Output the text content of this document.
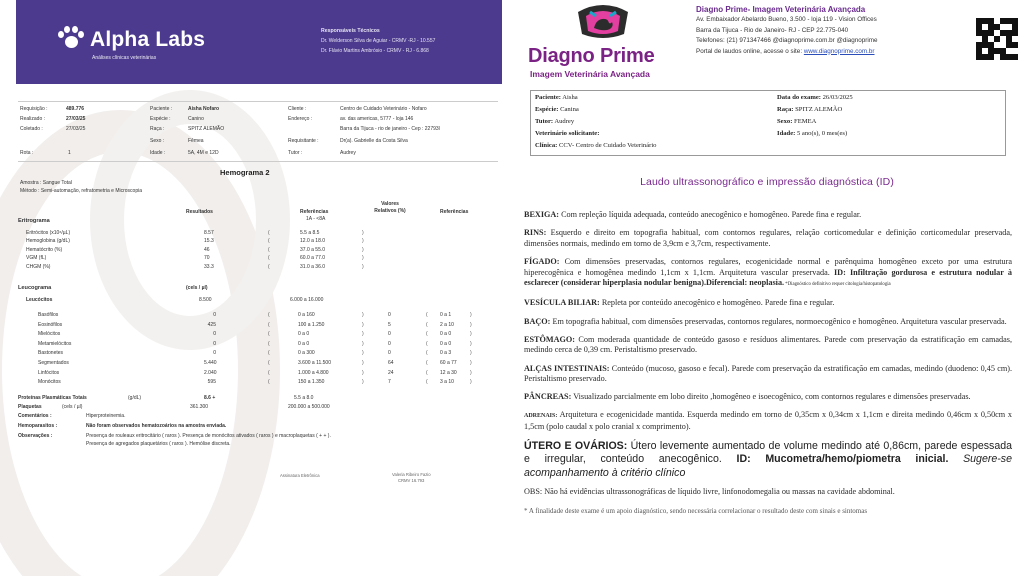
Alpha Labs
Análises clínicas veterinárias
Responsáveis Técnicos
Dr. Welderson Silva de Aguiar - CRMV -RJ - 10.557
Dr. Flávio Martins Ambrósio - CRMV - RJ - 6.868
Requisição :	489.776
Realizado :	27/03/25
Coletado :	27/03/25
Rota :	1
Paciente :	Aisha Nofaro
Espécie :	Canino
Raça :	SPITZ ALEMÃO
Sexo :	Fêmea
Idade :	5A, 4M e 12D
Cliente :	Centro de Cuidado Veterinário - Nofaro
Endereço :	av. das americas, 5777 - loja 146
Barra da Tijuca - rio de janeiro - Cep : 22793l
Requisitante :	Dr(a). Gabrielle da Costa Silva
Tutor :	Audrey
Hemograma 2
Amostra : Sangue Total
Método : Semi-automação, refratometria e Microscopia
Resultados	Referências
1A - <8A
Valores Relativos (%)	Referências
Eritrograma
Eritrócitos (x10⁶/µL)	8.57	(	5.5 a 8.5	)
Hemoglobina (g/dL)	15.3	(	12.0 a 18.0	)
Hematócrito (%)	46	(	37.0 a 55.0	)
VGM (fL)	70	(	60.0 a 77.0	)
CHGM (%)	33.3	(	31.0 a 36.0	)
Leucograma	(cels / µl)
Leucócitos	8.500	6.000 a 16.000
Basófilos	0	(	0 a 160	)	0	( 0 a 1	)
Eosinófilos	425	(	100 a 1.250	)	5	( 2 a 10	)
Mielócitos	0	(	0 a 0	)	0	( 0 a 0	)
Metamielócitos	0	(	0 a 0	)	0	( 0 a 0	)
Bastonetes	0	(	0 a 300	)	0	( 0 a 3	)
Segmentados	5.440	(	3.600 a 11.500	)	64	( 60 a 77	)
Linfócitos	2.040	(	1.000 a 4.800	)	24	( 12 a 30	)
Monócitos	595	(	150 a 1.350	)	7	( 3 a 10	)
Proteínas Plasmáticas Totais	(g/dL)	8.6 +	5.5 a 8.0
Plaquetas	(cels / µl)	361.300	200.000 a 500.000
Comentários :	Hiperproteinemia.
Hemoparasitos :	Não foram observados hematozoários na amostra enviada.
Observações :	Presença de rouleaux eritrocitário ( raros ). Presença de monócitos ativados ( raros ) e macroplaquetas ( + + ).
Presença de agregados plaquetários ( raros ). Hemólise discreta.
Assinatura Eletrônica	Valeria Ribeiro Fazio
CRMV 16.793
Diagno Prime
Imagem Veterinária Avançada
Diagno Prime- Imagem Veterinária Avançada
Av. Embaixador Abelardo Bueno, 3.500 - loja 119 - Vision Offices
Barra da Tijuca - Rio de Janeiro- RJ - CEP 22.775-040
Telefones: (21) 971347466 @diagnoprime.com.br @diagnoprime
Portal de laudos online, acesse o site: www.diagnoprime.com.br
Paciente: Aisha
Espécie: Canina
Tutor: Audrey
Veterinário solicitante:
Clínica: CCV- Centro de Cuidado Veterinário
Data do exame: 26/03/2025
Raça: SPITZ ALEMÃO
Sexo: FEMEA
Idade: 5 ano(s), 0 mes(es)
Laudo ultrassonográfico e impressão diagnóstica (ID)

BEXIGA: Com repleção líquida adequada, conteúdo anecogênico e homogêneo. Parede fina e regular.

RINS: Esquerdo e direito em topografia habitual, com contornos regulares, relação corticomedular e definição corticomedular preservada, dimensões normais, medindo em torno de 3,9cm e 3,7cm, respectivamente.

FÍGADO: Com dimensões preservadas, contornos regulares, ecogenicidade normal e parênquima homogêneo exceto por uma estrutura hiperecogênica e homogênea medindo 1,1cm x 1,1cm. Arquitetura vascular preservada. ID: Infiltração gordurosa e estrutura nodular à esclarecer (considerar hiperplasia nodular benigna).Diferencial: neoplasia. *Diagnóstico definitivo requer citologia/histopatologia

VESÍCULA BILIAR: Repleta por conteúdo anecogênico e homogêneo. Parede fina e regular.

BAÇO: Em topografia habitual, com dimensões preservadas, contornos regulares, normoecogênico e homogêneo. Arquitetura vascular preservada.

ESTÔMAGO: Com moderada quantidade de conteúdo gasoso e resíduos alimentares. Parede com preservação da estratificação em camadas, medindo cerca de 0,39 cm. Peristaltismo preservado.

ALÇAS INTESTINAIS: Conteúdo (mucoso, gasoso e fecal). Parede com preservação da estratificação em camadas, medindo (duodeno: 0,45 cm). Peristaltismo preservado.

PÂNCREAS: Visualizado parcialmente em lobo direito ,homogêneo e isoecogênico, com contornos regulares e dimensões preservadas.

ADRENAIS: Arquitetura e ecogenicidade mantida. Esquerda medindo em torno de 0,35cm x 0,34cm x 1,1cm e direita medindo 0,46cm x 0,50cm x 1,5cm (polo caudal x polo cranial x comprimento).

ÚTERO E OVÁRIOS: Útero levemente aumentado de volume medindo até 0,86cm, parede espessada e irregular, conteúdo anecogênico. ID: Mucometra/hemo/piometra inicial. Sugere-se acompanhamento à critério clínico

OBS: Não há evidências ultrassonográficas de líquido livre, linfonodomegalia ou massas na cavidade abdominal.

* A finalidade deste exame é um apoio diagnóstico, sendo necessária correlacionar o resultado deste com sinais e sintomas
